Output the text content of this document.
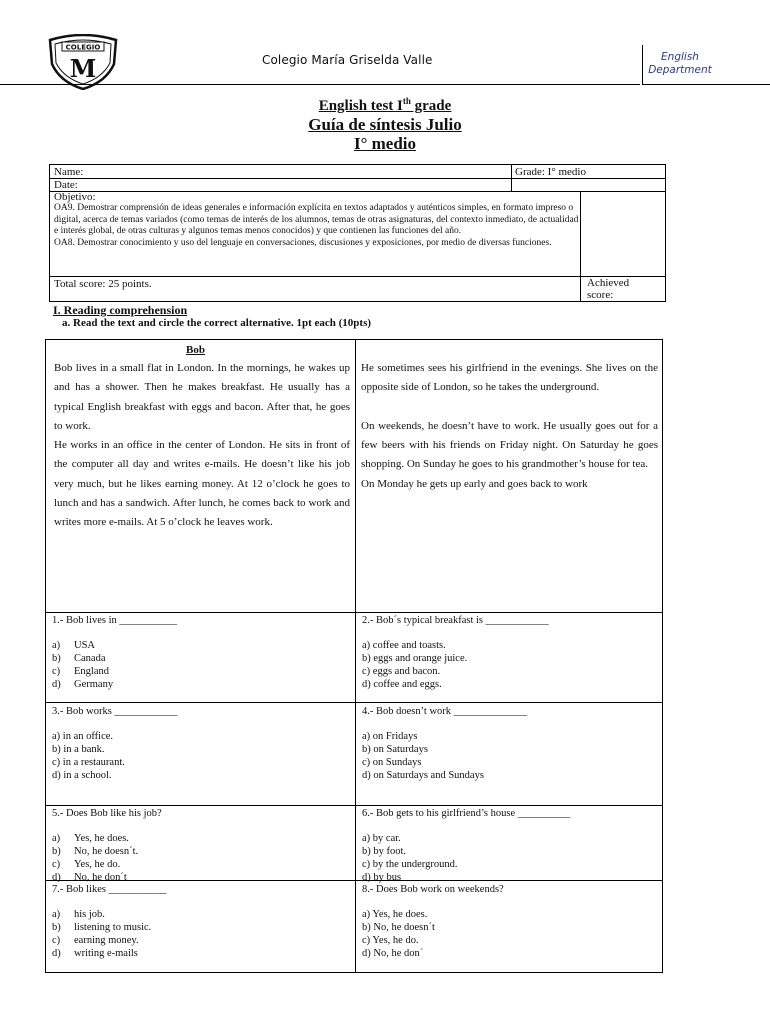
COLEGIO
M	Colegio María Griselda Valle	English
Department
English test Ith grade
Guía de síntesis Julio
I° medio
Name:	Grade: I° medio
Date:
Objetivo:
OA9. Demostrar comprensión de ideas generales e información explícita en textos adaptados y auténticos simples, en formato impreso o digital, acerca de temas variados (como temas de interés de los alumnos, temas de otras asignaturas, del contexto inmediato, de actualidad e interés global, de otras culturas y algunos temas menos conocidos) y que contienen las funciones del año.
OA8. Demostrar conocimiento y uso del lenguaje en conversaciones, discusiones y exposiciones, por medio de diversas funciones.
Total score: 25 points.	Achieved score:
I. Reading comprehension
a. Read the text and circle the correct alternative. 1pt each (10pts)
Bob

Bob lives in a small flat in London. In the mornings, he wakes up and has a shower. Then he makes breakfast. He usually has a typical English breakfast with eggs and bacon. After that, he goes to work.

He works in an office in the center of London. He sits in front of the computer all day and writes e-mails. He doesn’t like his job very much, but he likes earning money. At 12 o’clock he goes to lunch and has a sandwich. After lunch, he comes back to work and writes more e-mails. At 5 o’clock he leaves work.

He sometimes sees his girlfriend in the evenings. She lives on the opposite side of London, so he takes the underground.

On weekends, he doesn’t have to work. He usually goes out for a few beers with his friends on Friday night. On Saturday he goes shopping. On Sunday he goes to his grandmother’s house for tea.

On Monday he gets up early and goes back to work

1.- Bob lives in ___________
a) USA
b) Canada
c) England
d) Germany
2.- Bob´s typical breakfast is ____________
a) coffee and toasts.
b) eggs and orange juice.
c) eggs and bacon.
d) coffee and eggs.
3.- Bob works ____________
a) in an office.
b) in a bank.
c) in a restaurant.
d) in a school.
4.- Bob doesn’t work ______________
a) on Fridays
b) on Saturdays
c) on Sundays
d) on Saturdays and Sundays
5.- Does Bob like his job?
a) Yes, he does.
b) No, he doesn´t.
c) Yes, he do.
d) No, he don´t
6.- Bob gets to his girlfriend’s house __________
a) by car.
b) by foot.
c) by the underground.
d) by bus
7.- Bob likes ___________
a) his job.
b) listening to music.
c) earning money.
d) writing e-mails
8.- Does Bob work on weekends?
a) Yes, he does.
b) No, he doesn´t
c) Yes, he do.
d) No, he don´
